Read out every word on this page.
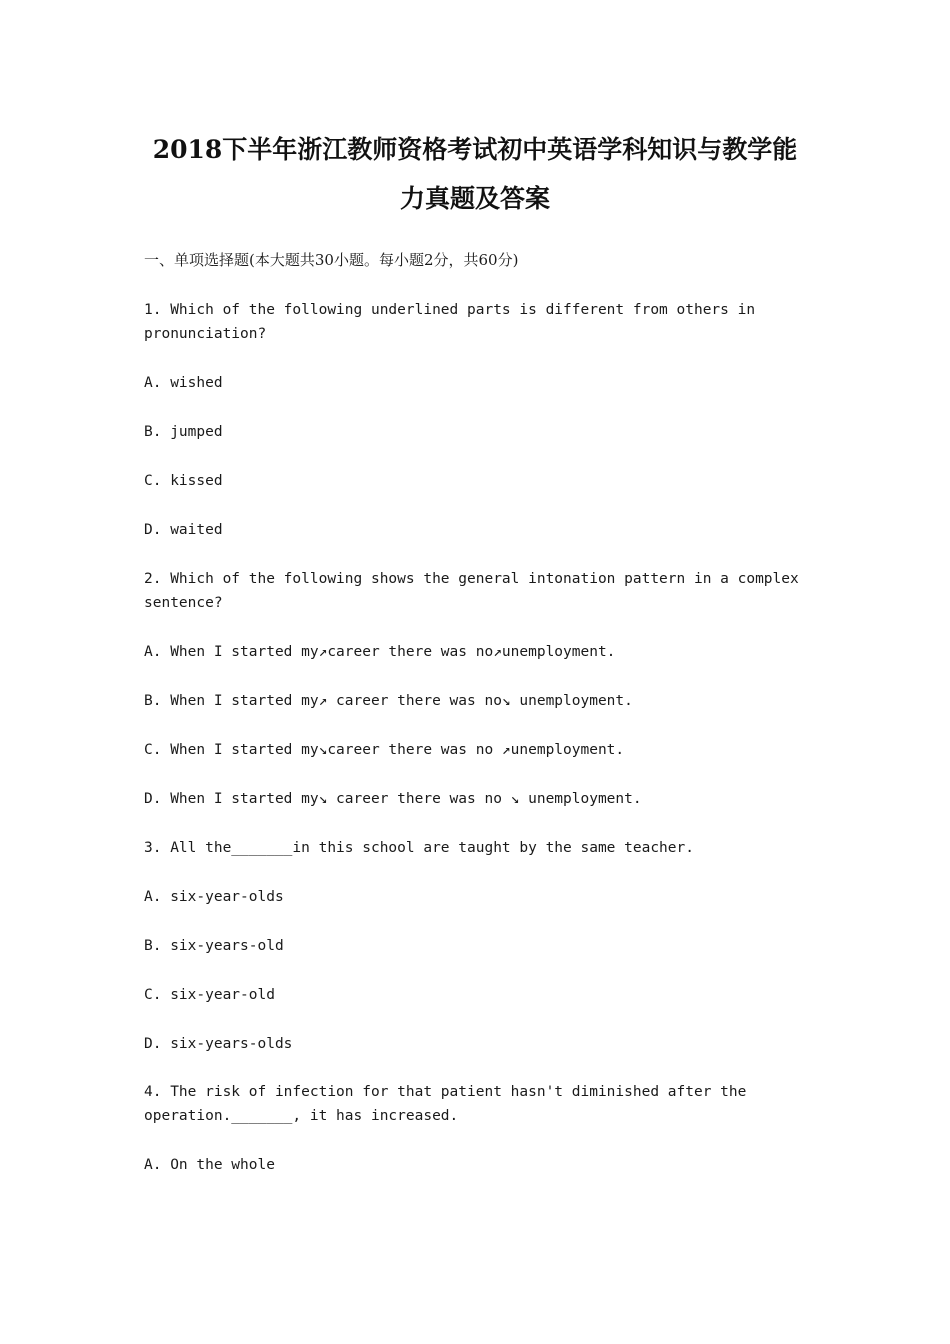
2018下半年浙江教师资格考试初中英语学科知识与教学能
力真题及答案
一、单项选择题(本大题共30小题。每小题2分，共60分)
1. Which of the following underlined parts is different from others in
pronunciation?
A. wished
B. jumped
C. kissed
D. waited
2. Which of the following shows the general intonation pattern in a complex
sentence?
A. When I started my↗career there was no↗unemployment.
B. When I started my↗ career there was no↘ unemployment.
C. When I started my↘career there was no ↗unemployment.
D. When I started my↘ career there was no ↘ unemployment.
3. All the_______in this school are taught by the same teacher.
A. six-year-olds
B. six-years-old
C. six-year-old
D. six-years-olds
4. The risk of infection for that patient hasn't diminished after the
operation._______, it has increased.
A. On the whole
